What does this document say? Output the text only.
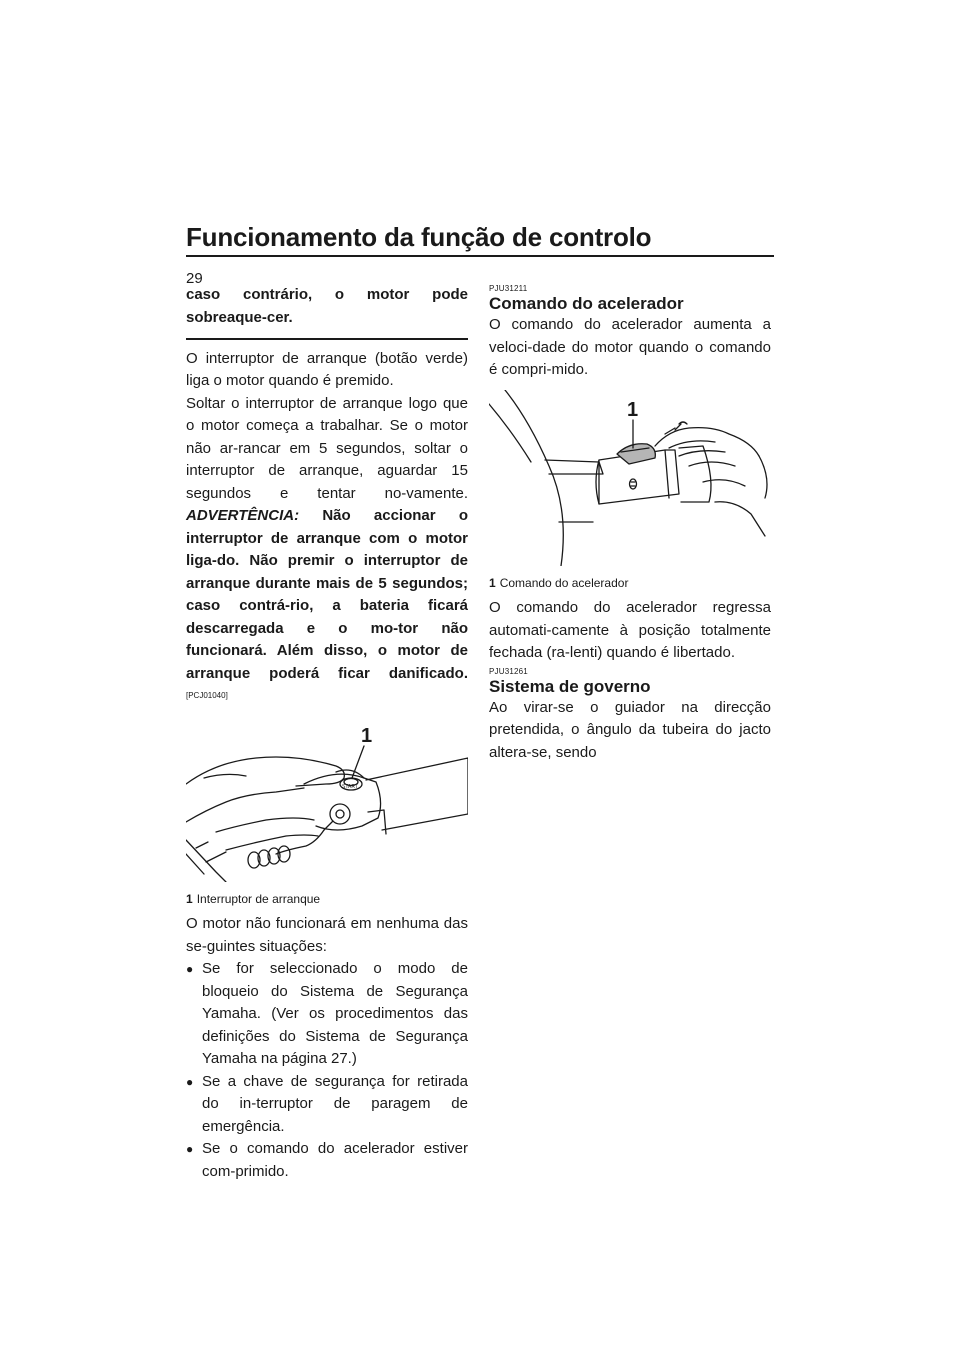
Funcionamento da função de controlo
29

caso contrário, o motor pode sobreaque-cer.

O interruptor de arranque (botão verde) liga o motor quando é premido.

Soltar o interruptor de arranque logo que o motor começa a trabalhar. Se o motor não ar-rancar em 5 segundos, soltar o interruptor de arranque, aguardar 15 segundos e tentar no-vamente. ADVERTÊNCIA: Não accionar o interruptor de arranque com o motor liga-do. Não premir o interruptor de arranque durante mais de 5 segundos; caso contrá-rio, a bateria ficará descarregada e o mo-tor não funcionará. Além disso, o motor de arranque poderá ficar danificado. [PCJ01040]

1
START
1 Interruptor de arranque

O motor não funcionará em nenhuma das se-guintes situações:

● Se for seleccionado o modo de bloqueio do Sistema de Segurança Yamaha. (Ver os procedimentos das definições do Sistema de Segurança Yamaha na página 27.)
● Se a chave de segurança for retirada do in-terruptor de paragem de emergência.
● Se o comando do acelerador estiver com-primido.
PJU31211
Comando do acelerador

O comando do acelerador aumenta a veloci-dade do motor quando o comando é compri-mido.

1
1 Comando do acelerador

O comando do acelerador regressa automati-camente à posição totalmente fechada (ra-lenti) quando é libertado.

PJU31261
Sistema de governo

Ao virar-se o guiador na direcção pretendida, o ângulo da tubeira do jacto altera-se, sendo
